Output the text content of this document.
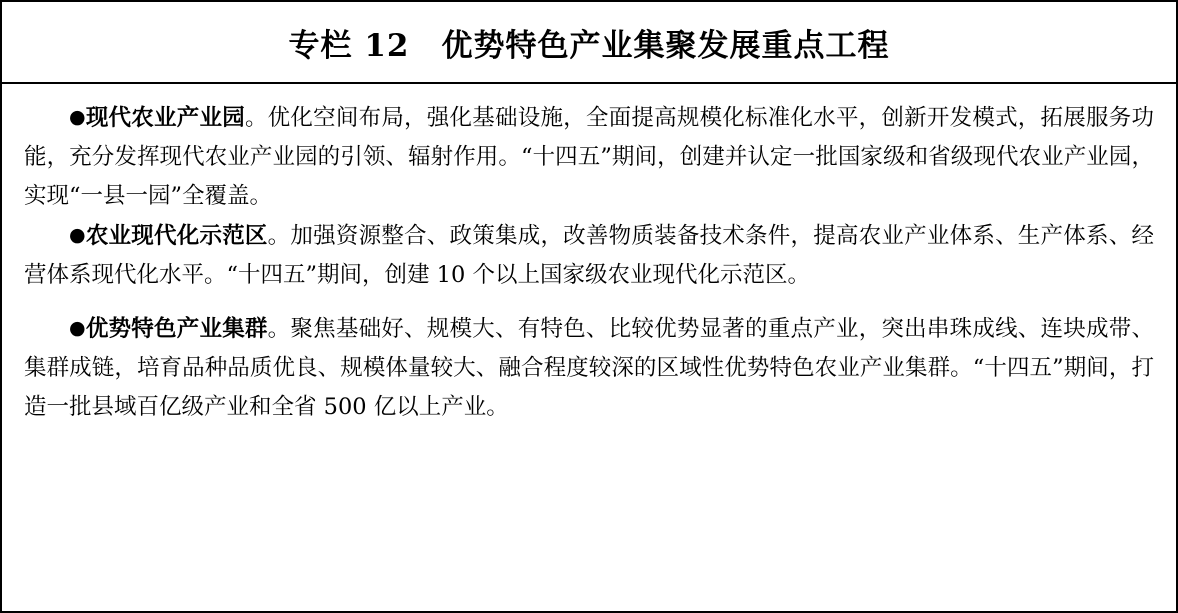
专栏 12　优势特色产业集聚发展重点工程

●现代农业产业园。优化空间布局，强化基础设施，全面提高规模化标准化水平，创新开发模式，拓展服务功能，充分发挥现代农业产业园的引领、辐射作用。“十四五”期间，创建并认定一批国家级和省级现代农业产业园，实现“一县一园”全覆盖。

●农业现代化示范区。加强资源整合、政策集成，改善物质装备技术条件，提高农业产业体系、生产体系、经营体系现代化水平。“十四五”期间，创建 10 个以上国家级农业现代化示范区。

●优势特色产业集群。聚焦基础好、规模大、有特色、比较优势显著的重点产业，突出串珠成线、连块成带、集群成链，培育品种品质优良、规模体量较大、融合程度较深的区域性优势特色农业产业集群。“十四五”期间，打造一批县域百亿级产业和全省 500 亿以上产业。
